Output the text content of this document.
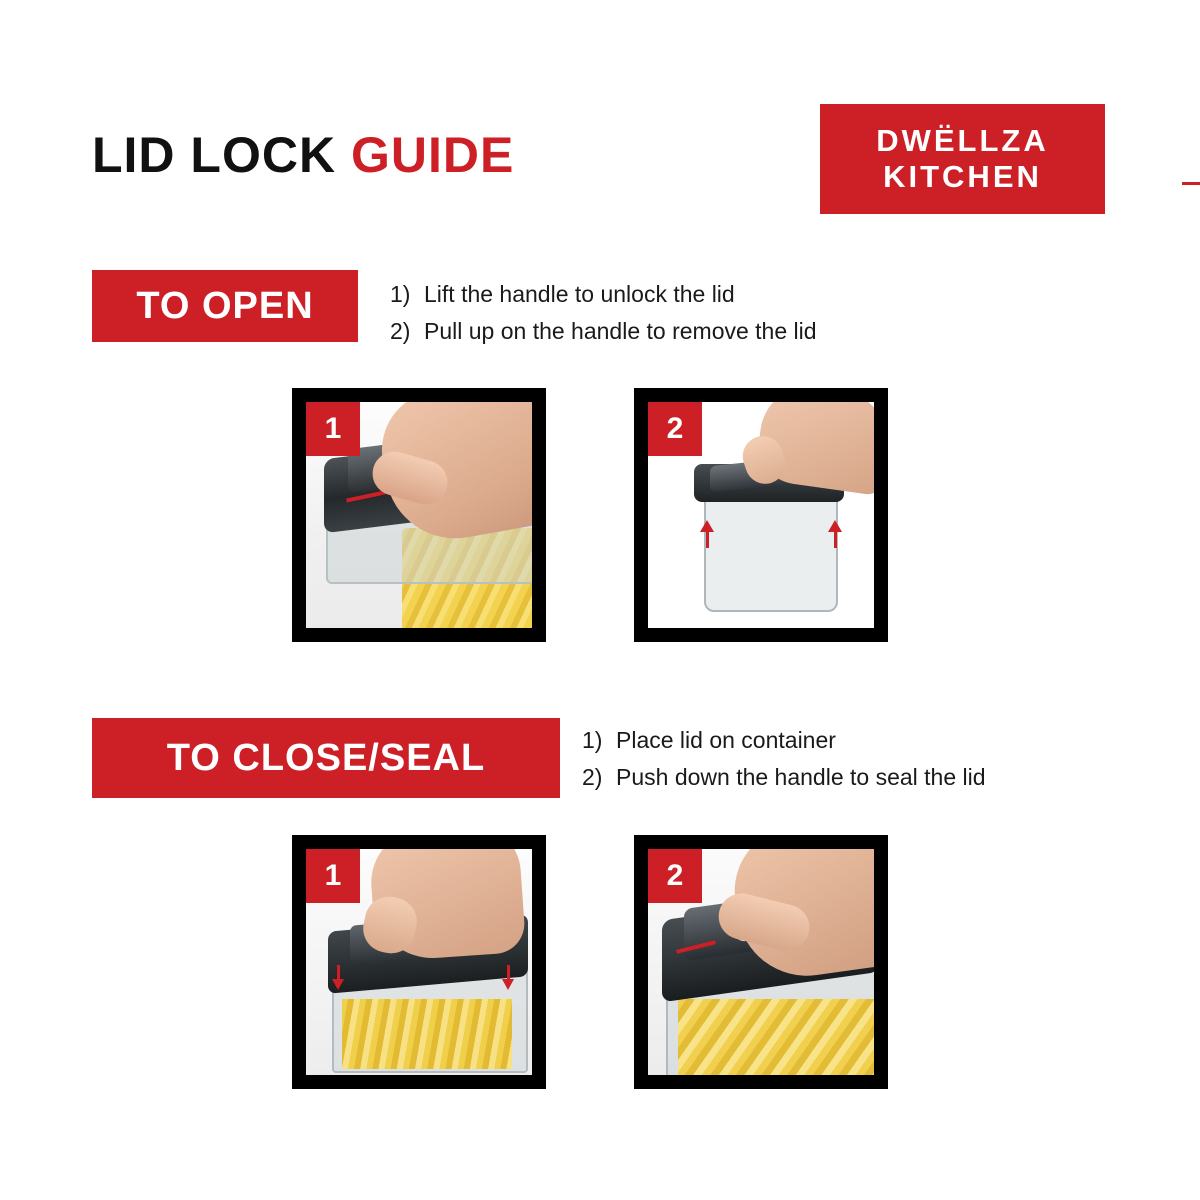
LID LOCK GUIDE	DWËLLZA
KITCHEN
TO OPEN	1) Lift the handle to unlock the lid
2) Pull up on the handle to remove the lid
1	2
TO CLOSE/SEAL	1) Place lid on container
2) Push down the handle to seal the lid
1	2
